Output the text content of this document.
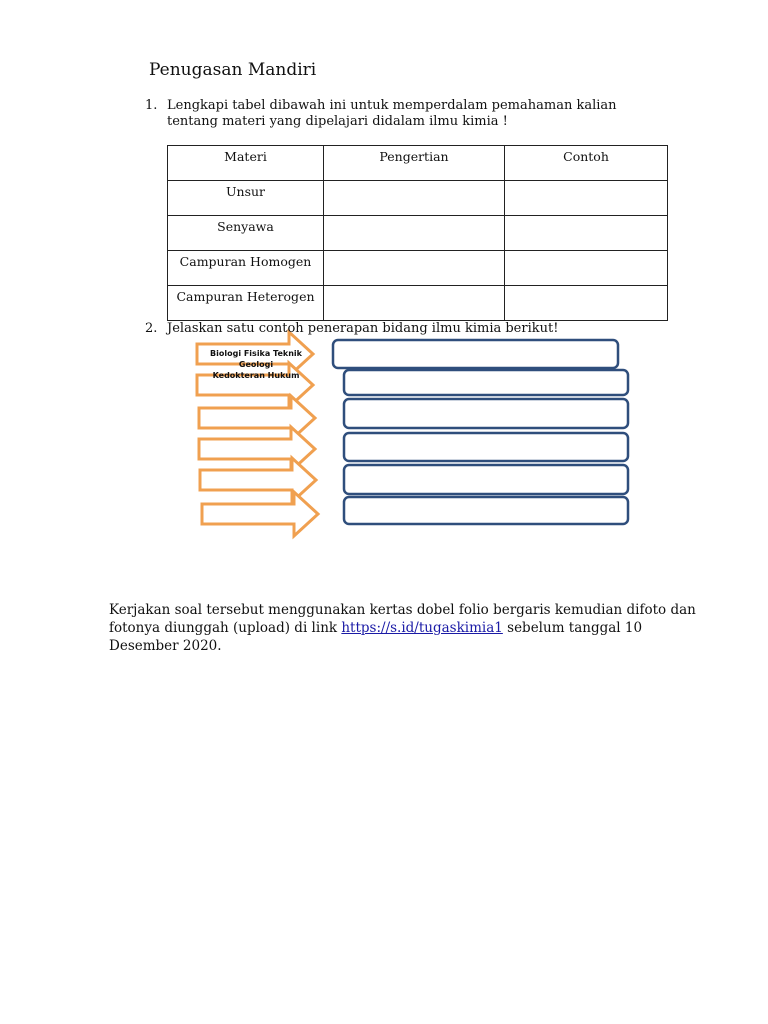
Penugasan Mandiri
1. Lengkapi tabel dibawah ini untuk memperdalam pemahaman kalian tentang materi yang dipelajari didalam ilmu kimia !
Materi	Pengertian	Contoh
Unsur		
Senyawa		
Campuran Homogen		
Campuran Heterogen		
2. Jelaskan satu contoh penerapan bidang ilmu kimia berikut!
Biologi Fisika Teknik
Geologi
Kedokteran Hukum
Kerjakan soal tersebut menggunakan kertas dobel folio bergaris kemudian difoto dan fotonya diunggah (upload) di link https://s.id/tugaskimia1 sebelum tanggal 10 Desember 2020.
